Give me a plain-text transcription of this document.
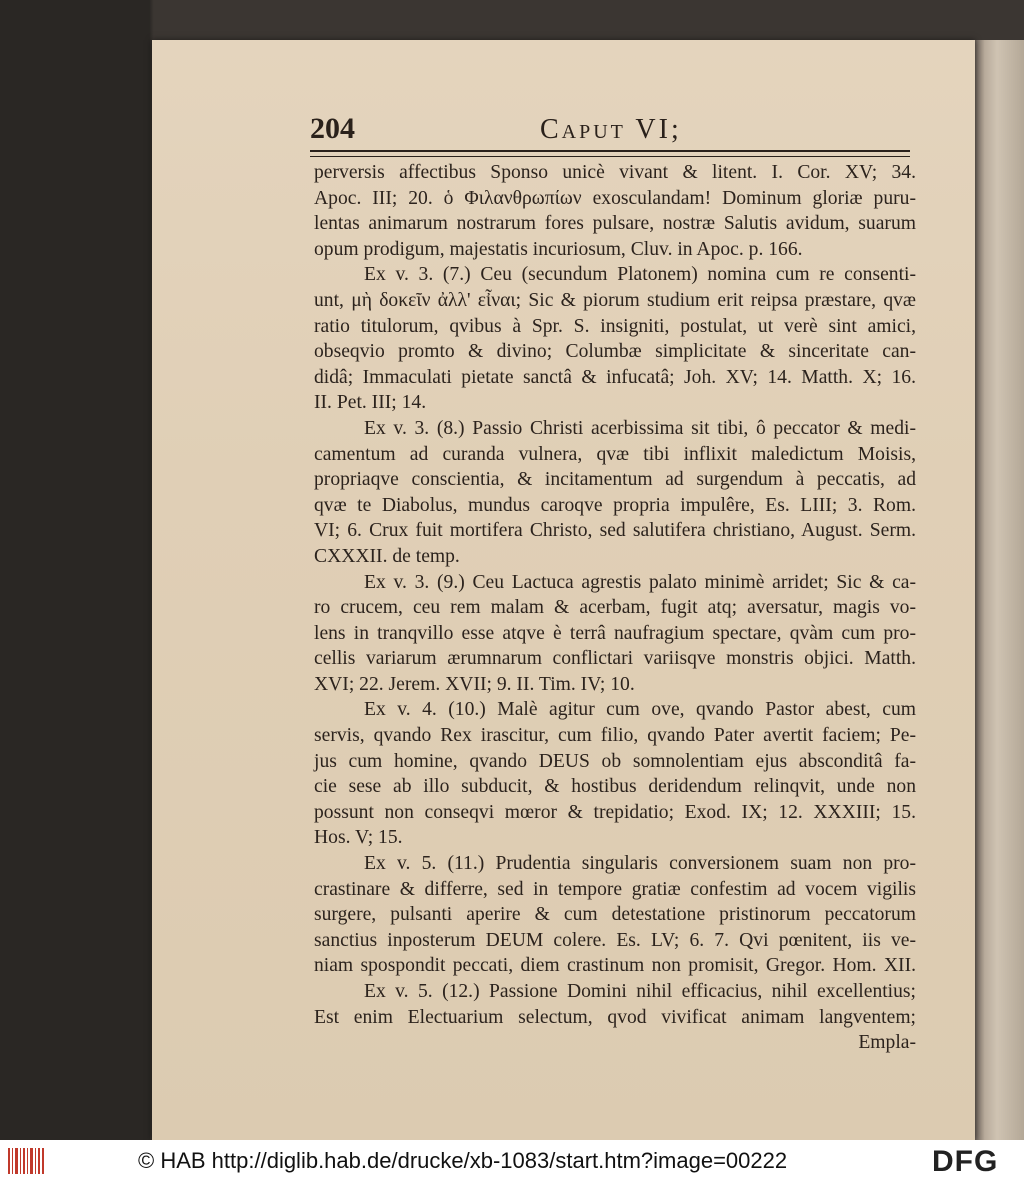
204	Caput VI;
perversis affectibus Sponso unicè vivant & litent. I. Cor. XV; 34.
Apoc. III; 20. ὁ Φιλανθρωπίων exosculandam! Dominum gloriæ puru-
lentas animarum nostrarum fores pulsare, nostræ Salutis avidum, suarum
opum prodigum, majestatis incuriosum, Cluv. in Apoc. p. 166.
Ex v. 3. (7.) Ceu (secundum Platonem) nomina cum re consenti-
unt, μὴ δοκεῖν ἀλλ' εἶναι; Sic & piorum studium erit reipsa præstare, qvæ
ratio titulorum, qvibus à Spr. S. insigniti, postulat, ut verè sint amici,
obseqvio promto & divino; Columbæ simplicitate & sinceritate can-
didâ; Immaculati pietate sanctâ & infucatâ; Joh. XV; 14. Matth. X; 16.
II. Pet. III; 14.
Ex v. 3. (8.) Passio Christi acerbissima sit tibi, ô peccator & medi-
camentum ad curanda vulnera, qvæ tibi inflixit maledictum Moisis,
propriaqve conscientia, & incitamentum ad surgendum à peccatis, ad
qvæ te Diabolus, mundus caroqve propria impulêre, Es. LIII; 3. Rom.
VI; 6. Crux fuit mortifera Christo, sed salutifera christiano, August. Serm.
CXXXII. de temp.
Ex v. 3. (9.) Ceu Lactuca agrestis palato minimè arridet; Sic & ca-
ro crucem, ceu rem malam & acerbam, fugit atq; aversatur, magis vo-
lens in tranqvillo esse atqve è terrâ naufragium spectare, qvàm cum pro-
cellis variarum ærumnarum conflictari variisqve monstris objici. Matth.
XVI; 22. Jerem. XVII; 9. II. Tim. IV; 10.
Ex v. 4. (10.) Malè agitur cum ove, qvando Pastor abest, cum
servis, qvando Rex irascitur, cum filio, qvando Pater avertit faciem; Pe-
jus cum homine, qvando DEUS ob somnolentiam ejus absconditâ fa-
cie sese ab illo subducit, & hostibus deridendum relinqvit, unde non
possunt non conseqvi mœror & trepidatio; Exod. IX; 12. XXXIII; 15.
Hos. V; 15.
Ex v. 5. (11.) Prudentia singularis conversionem suam non pro-
crastinare & differre, sed in tempore gratiæ confestim ad vocem vigilis
surgere, pulsanti aperire & cum detestatione pristinorum peccatorum
sanctius inposterum DEUM colere. Es. LV; 6. 7. Qvi pœnitent, iis ve-
niam spospondit peccati, diem crastinum non promisit, Gregor. Hom. XII.
Ex v. 5. (12.) Passione Domini nihil efficacius, nihil excellentius;
Est enim Electuarium selectum, qvod vivificat animam langventem;
Empla-
© HAB http://diglib.hab.de/drucke/xb-1083/start.htm?image=00222	DFG
